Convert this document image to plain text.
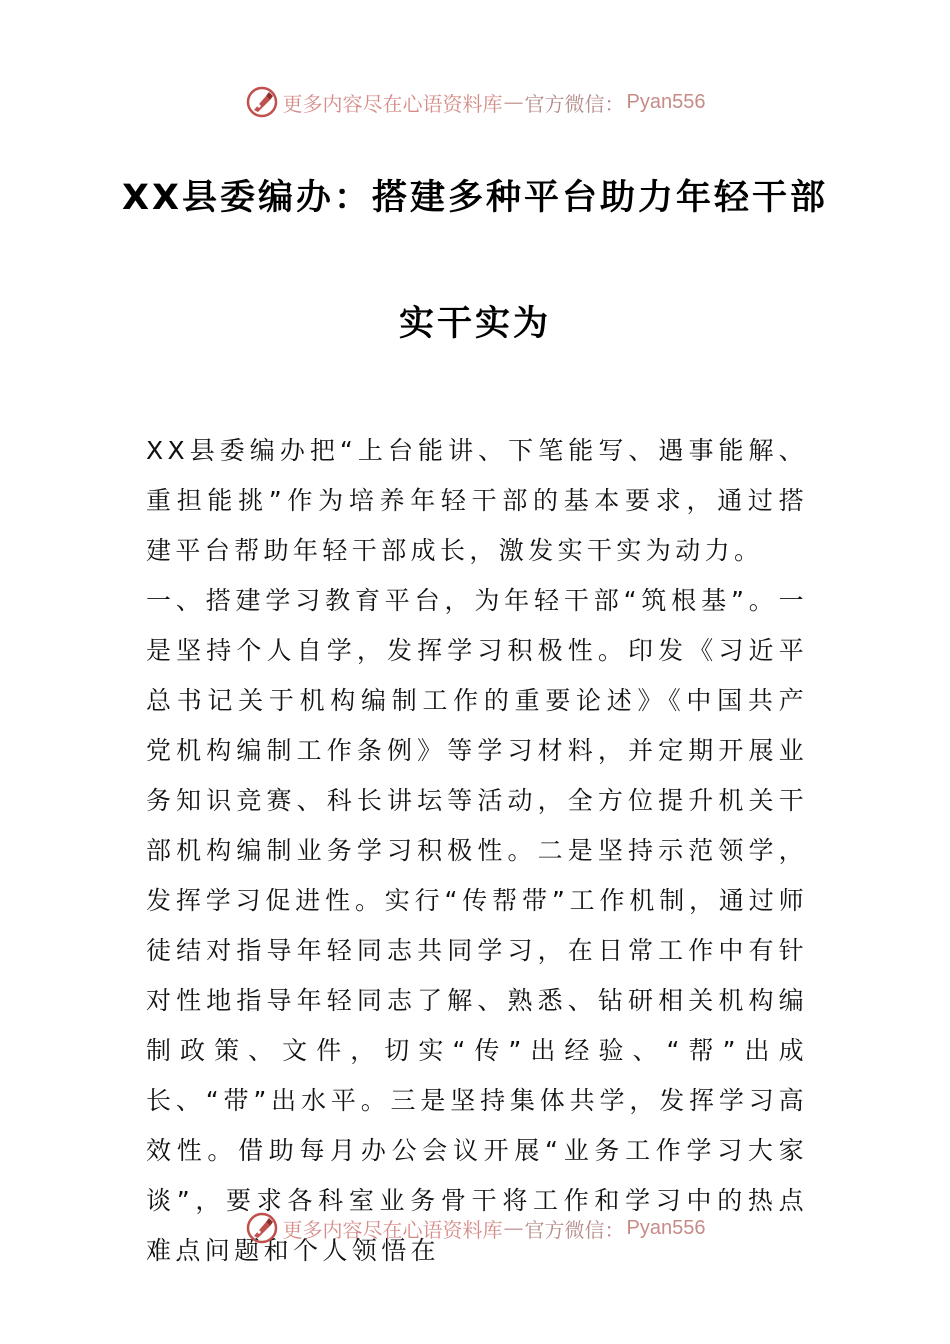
更多内容尽在心语资料库 — 官方微信： Pyan556
XX县委编办：搭建多种平台助力年轻干部
实干实为

XX县委编办把“上台能讲、下笔能写、遇事能解、重担能挑”作为培养年轻干部的基本要求，通过搭建平台帮助年轻干部成长，激发实干实为动力。

一、搭建学习教育平台，为年轻干部“筑根基”。一是坚持个人自学，发挥学习积极性。印发《习近平总书记关于机构编制工作的重要论述》《中国共产党机构编制工作条例》等学习材料，并定期开展业务知识竞赛、科长讲坛等活动，全方位提升机关干部机构编制业务学习积极性。二是坚持示范领学，发挥学习促进性。实行“传帮带”工作机制，通过师徒结对指导年轻同志共同学习，在日常工作中有针对性地指导年轻同志了解、熟悉、钻研相关机构编制政策、文件，切实“传”出经验、“帮”出成长、“带”出水平。三是坚持集体共学，发挥学习高效性。借助每月办公会议开展“业务工作学习大家谈”，要求各科室业务骨干将工作和学习中的热点难点问题和个人领悟在

更多内容尽在心语资料库 — 官方微信： Pyan556
